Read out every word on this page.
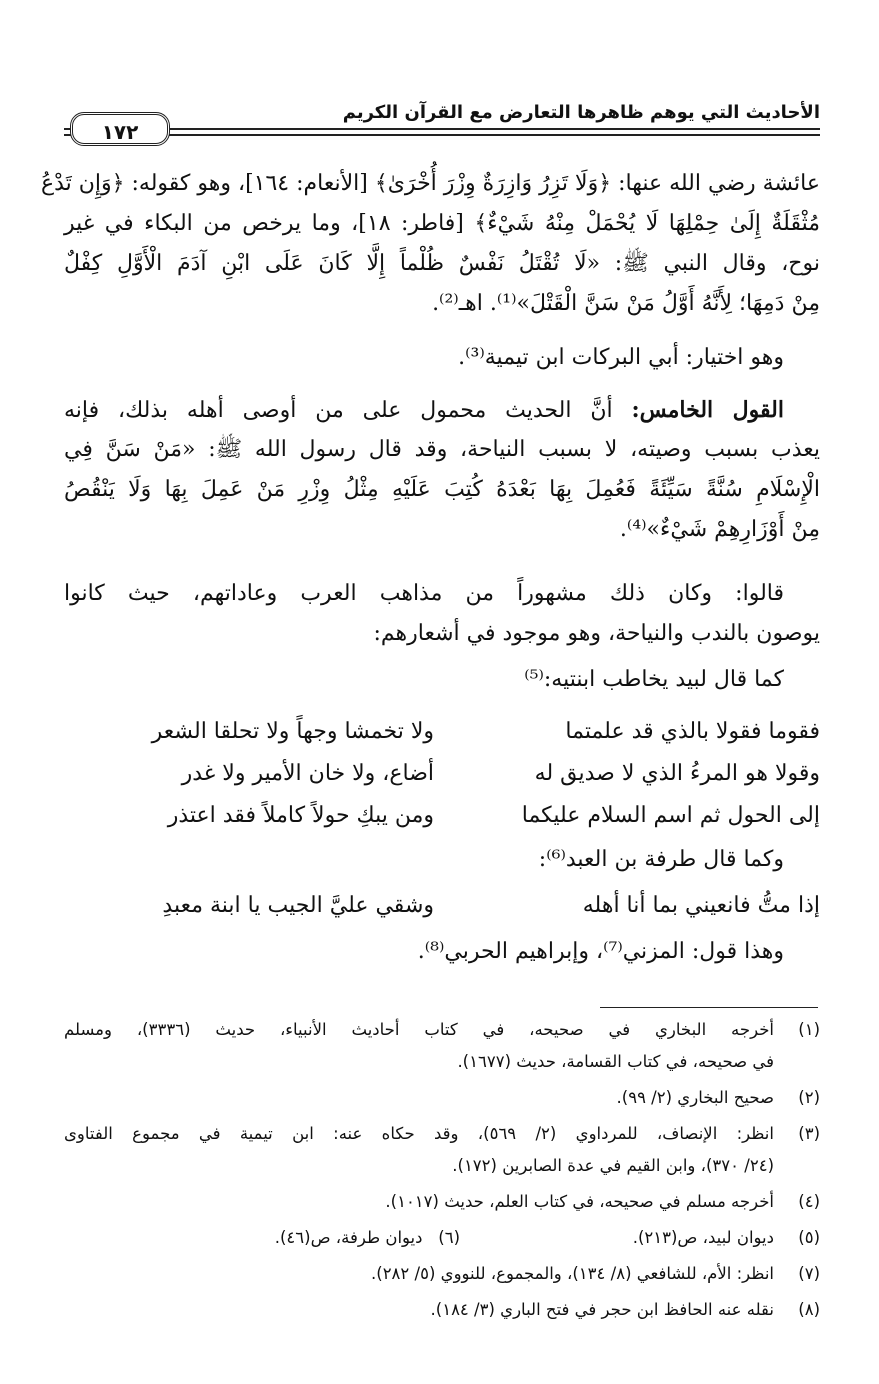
الأحاديث التي يوهم ظاهرها التعارض مع القرآن الكريم
١٧٢
عائشة رضي الله عنها: ﴿وَلَا تَزِرُ وَازِرَةٌ وِزْرَ أُخْرَىٰ﴾ [الأنعام: ١٦٤]، وهو كقوله: ﴿وَإِن تَدْعُ
مُثْقَلَةٌ إِلَىٰ حِمْلِهَا لَا يُحْمَلْ مِنْهُ شَيْءٌ﴾ [فاطر: ١٨]، وما يرخص من البكاء في غير
نوح، وقال النبي ﷺ: «لَا تُقْتَلُ نَفْسٌ ظُلْماً إِلَّا كَانَ عَلَى ابْنِ آدَمَ الْأَوَّلِ كِفْلٌ
مِنْ دَمِهَا؛ لِأَنَّهُ أَوَّلُ مَنْ سَنَّ الْقَتْلَ»⁽¹⁾. اهـ⁽²⁾.
وهو اختيار: أبي البركات ابن تيمية⁽³⁾.
القول الخامس: أنَّ الحديث محمول على من أوصى أهله بذلك، فإنه
يعذب بسبب وصيته، لا بسبب النياحة، وقد قال رسول الله ﷺ: «مَنْ سَنَّ فِي
الْإِسْلَامِ سُنَّةً سَيِّئَةً فَعُمِلَ بِهَا بَعْدَهُ كُتِبَ عَلَيْهِ مِثْلُ وِزْرِ مَنْ عَمِلَ بِهَا وَلَا يَنْقُصُ
مِنْ أَوْزَارِهِمْ شَيْءٌ»⁽⁴⁾.
قالوا: وكان ذلك مشهوراً من مذاهب العرب وعاداتهم، حيث كانوا
يوصون بالندب والنياحة، وهو موجود في أشعارهم:
كما قال لبيد يخاطب ابنتيه:⁽⁵⁾
فقوما فقولا بالذي قد علمتما
ولا تخمشا وجهاً ولا تحلقا الشعر
وقولا هو المرءُ الذي لا صديق له
أضاع، ولا خان الأمير ولا غدر
إلى الحول ثم اسم السلام عليكما
ومن يبكِ حولاً كاملاً فقد اعتذر
وكما قال طرفة بن العبد⁽⁶⁾:
إذا متُّ فانعيني بما أنا أهله
وشقي عليَّ الجيب يا ابنة معبدِ
وهذا قول: المزني⁽⁷⁾، وإبراهيم الحربي⁽⁸⁾.
(١)
أخرجه البخاري في صحيحه، في كتاب أحاديث الأنبياء، حديث (٣٣٣٦)، ومسلم
في صحيحه، في كتاب القسامة، حديث (١٦٧٧).
(٢)
صحيح البخاري (٢/ ٩٩).
(٣)
انظر: الإنصاف، للمرداوي (٢/ ٥٦٩)، وقد حكاه عنه: ابن تيمية في مجموع الفتاوى
(٢٤/ ٣٧٠)، وابن القيم في عدة الصابرين (١٧٢).
(٤)
أخرجه مسلم في صحيحه، في كتاب العلم، حديث (١٠١٧).
(٥)
ديوان لبيد، ص(٢١٣).
(٦)   ديوان طرفة، ص(٤٦).
(٧)
انظر: الأم، للشافعي (٨/ ١٣٤)، والمجموع، للنووي (٥/ ٢٨٢).
(٨)
نقله عنه الحافظ ابن حجر في فتح الباري (٣/ ١٨٤).
